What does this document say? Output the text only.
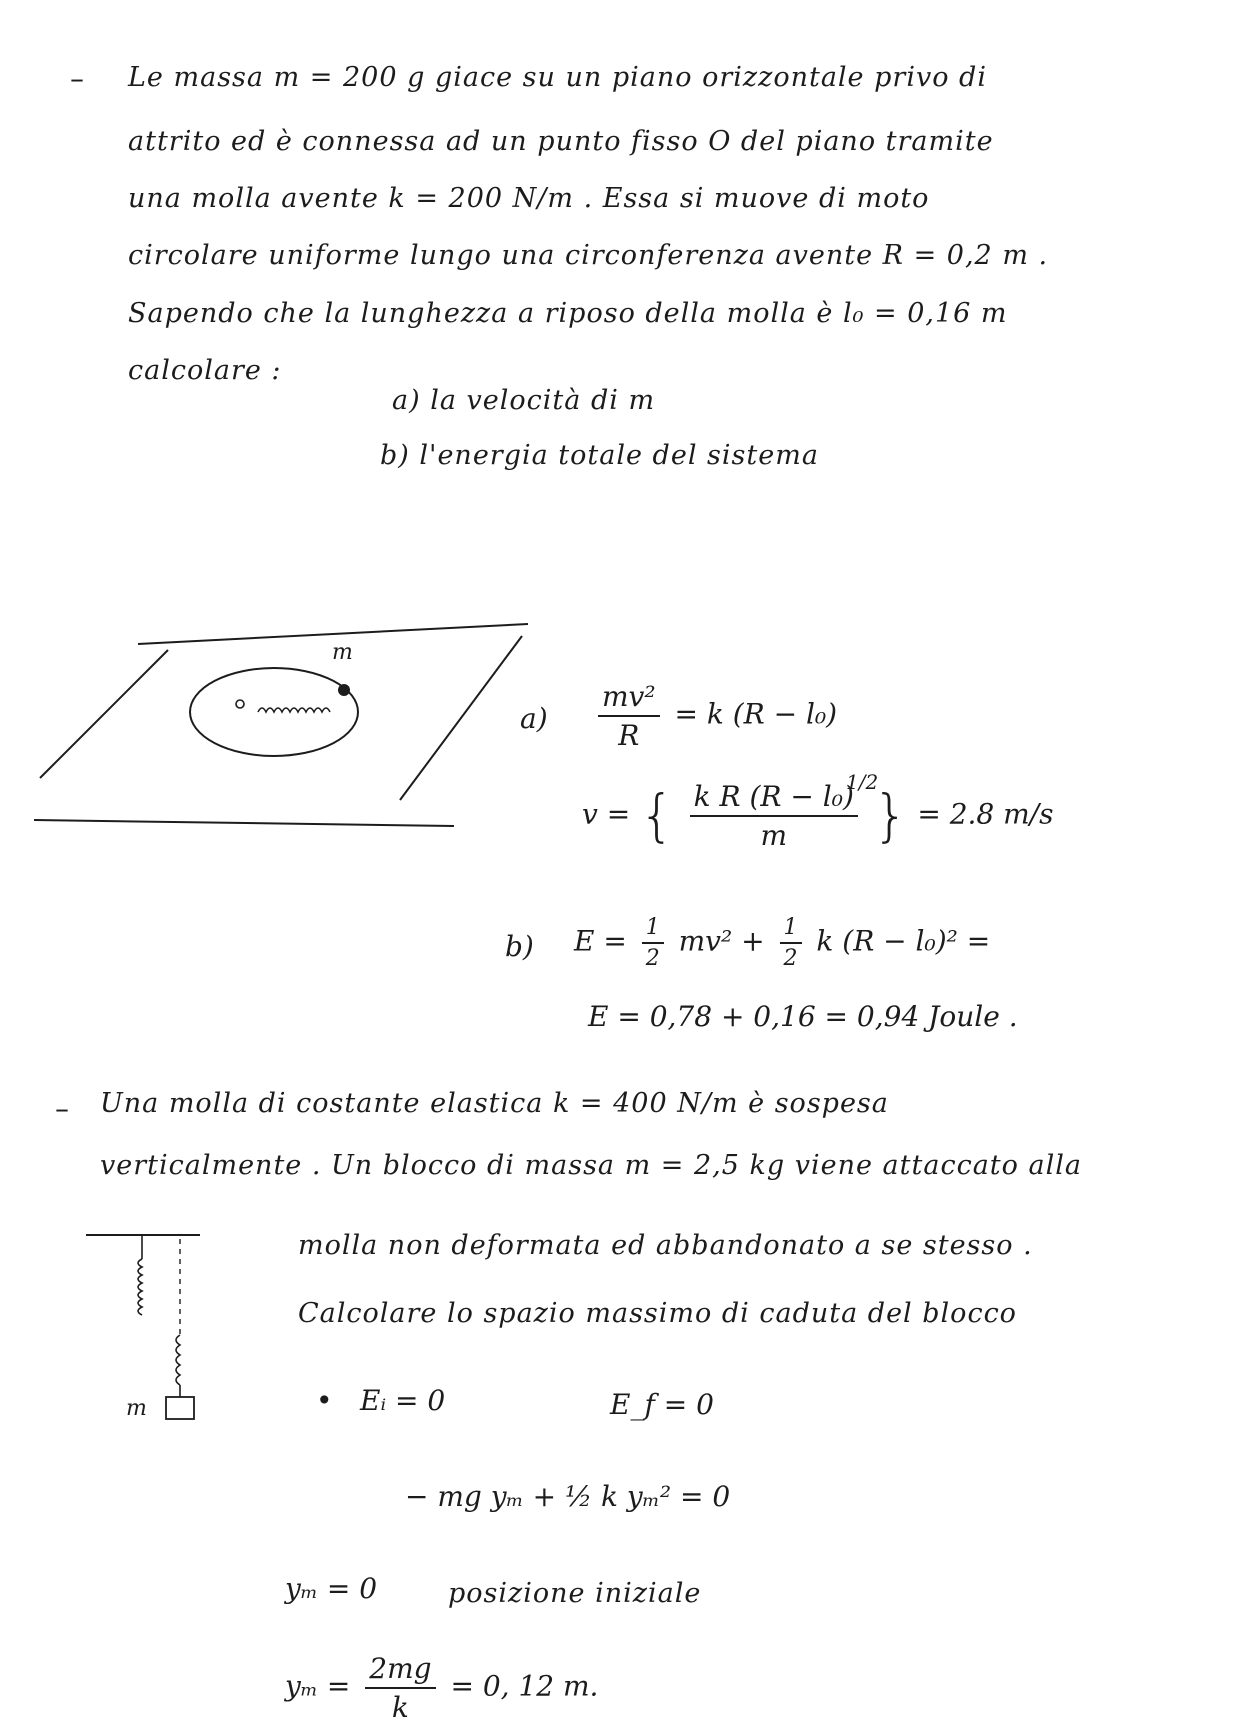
– Le massa m = 200 g giace su un piano orizzontale privo di
attrito ed è connessa ad un punto fisso O del piano tramite
una molla avente k = 200 N/m . Essa si muove di moto
circolare uniforme lungo una circonferenza avente R = 0,2 m .
Sapendo che la lunghezza a riposo della molla è l₀ = 0,16 m
calcolare :
a) la velocità di m
b) l'energia totale del sistema
m
$a) \frac{\text{mv²}}{R} = k$ (R − l₀)
v = { $\frac{\text{k R (R − l₀)}}{m}$ } = 2.8 m/s
1/2
b) $E = \frac{1}{2} mv^2 + \frac{1}{2}$ k (R − l₀)² =
E = 0,78 + 0,16 = 0,94 Joule .
– Una molla di costante elastica k = 400 N/m è sospesa
verticalmente . Un blocco di massa m = 2,5 kg viene attaccato alla
molla non deformata ed abbandonato a se stesso .
Calcolare lo spazio massimo di caduta del blocco
m	• Eᵢ = 0	E_f = 0
− mg yₘ + ½ k yₘ² = 0
yₘ = 0	posizione iniziale
$y_m = \frac{2mg}{k} = 0$, 12 m.
